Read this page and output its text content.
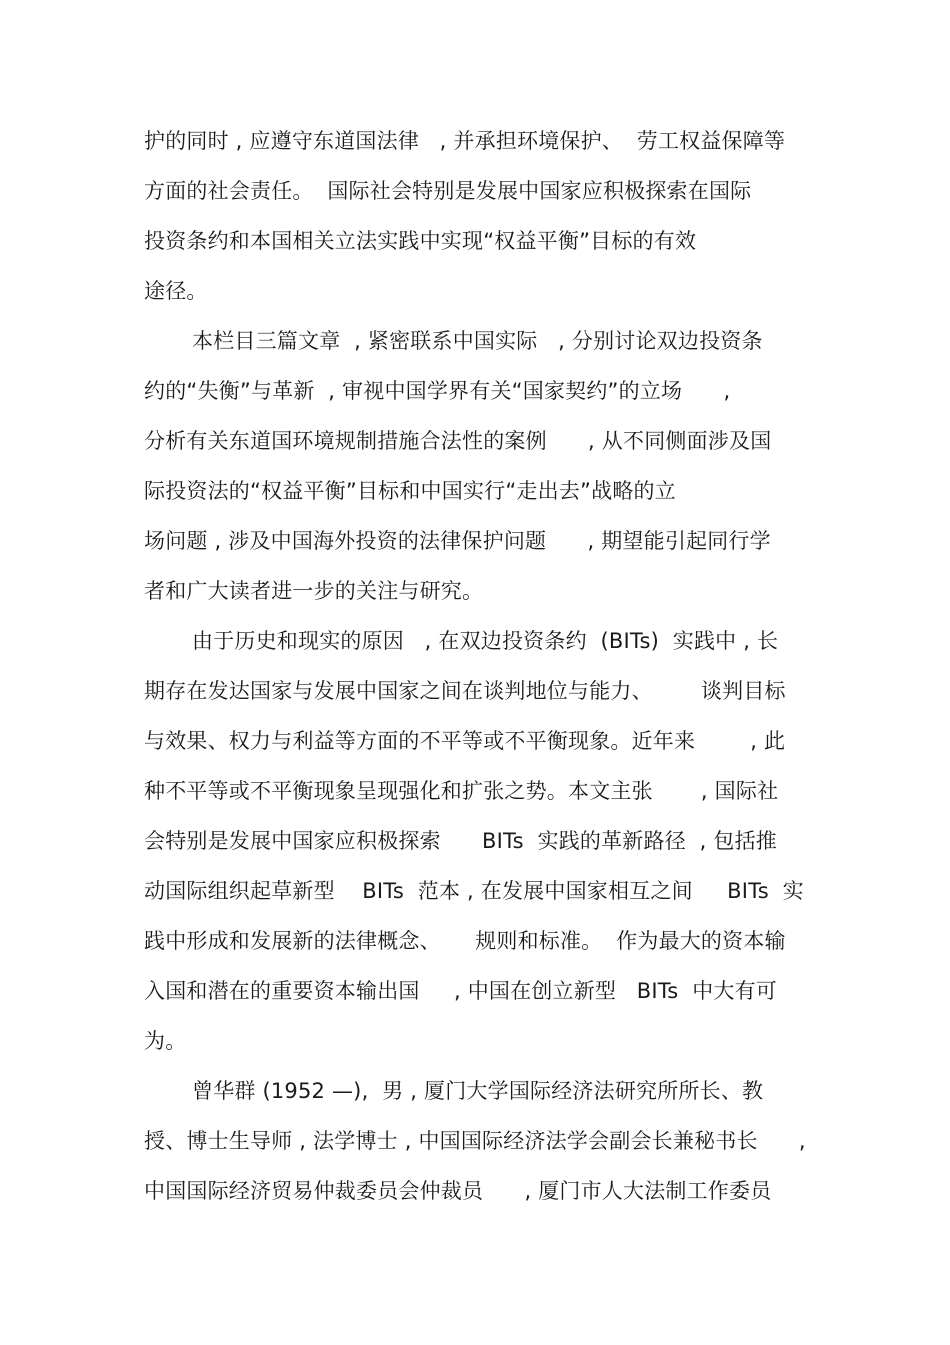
护的同时 , 应遵守东道国法律   , 并承担环境保护、  劳工权益保障等
方面的社会责任。  国际社会特别是发展中国家应积极探索在国际
投资条约和本国相关立法实践中实现“权益平衡”目标的有效
途径。
本栏目三篇文章  , 紧密联系中国实际   , 分别讨论双边投资条
约的“失衡”与革新  , 审视中国学界有关“国家契约”的立场      ,
分析有关东道国环境规制措施合法性的案例      , 从不同侧面涉及国
际投资法的“权益平衡”目标和中国实行“走出去”战略的立
场问题 , 涉及中国海外投资的法律保护问题      , 期望能引起同行学
者和广大读者进一步的关注与研究。
由于历史和现实的原因   , 在双边投资条约  (BITs)  实践中 , 长
期存在发达国家与发展中国家之间在谈判地位与能力、       谈判目标
与效果、权力与利益等方面的不平等或不平衡现象。近年来        , 此
种不平等或不平衡现象呈现强化和扩张之势。本文主张       , 国际社
会特别是发展中国家应积极探索      BITs  实践的革新路径  , 包括推
动国际组织起草新型    BITs  范本 , 在发展中国家相互之间     BITs  实
践中形成和发展新的法律概念、     规则和标准。  作为最大的资本输
入国和潜在的重要资本输出国     , 中国在创立新型   BITs  中大有可
为。
曾华群 (1952 —),  男 , 厦门大学国际经济法研究所所长、教
授、博士生导师 , 法学博士 , 中国国际经济法学会副会长兼秘书长      ,
中国国际经济贸易仲裁委员会仲裁员      , 厦门市人大法制工作委员
